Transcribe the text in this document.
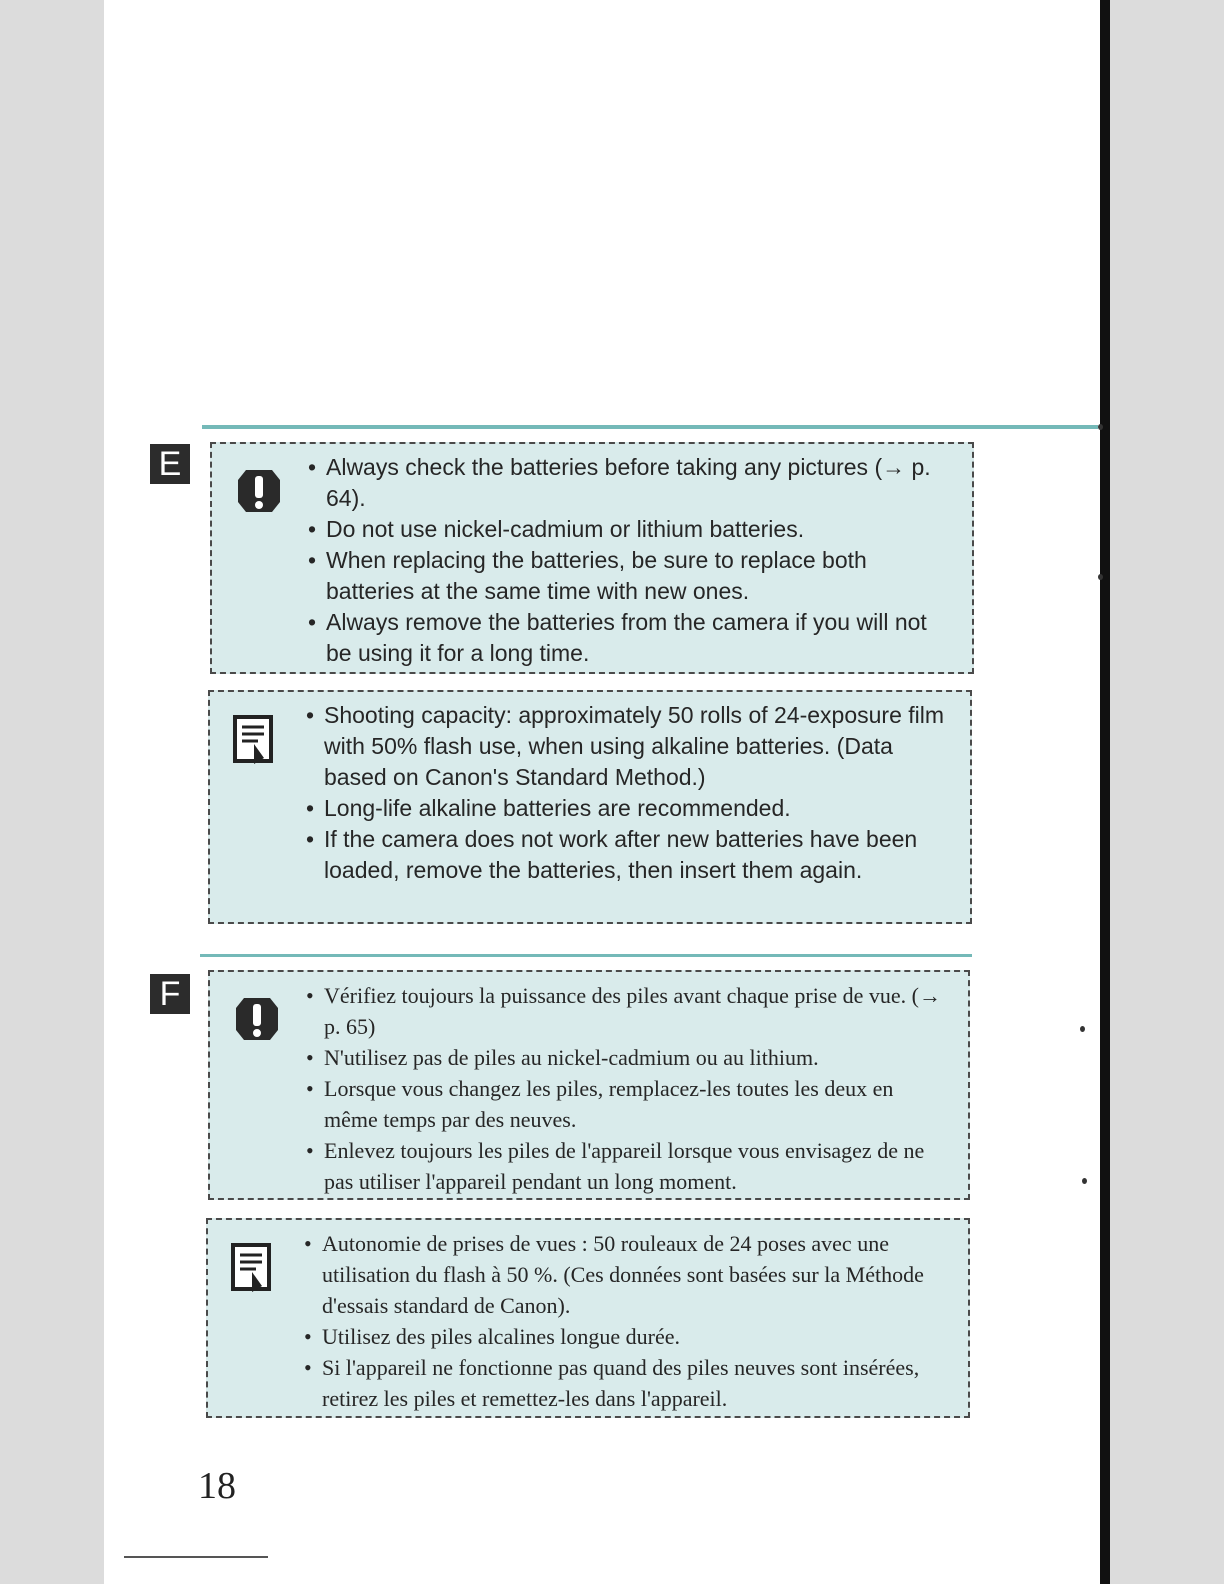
E	• Always check the batteries before taking any pictures (→ p. 64).
• Do not use nickel-cadmium or lithium batteries.
• When replacing the batteries, be sure to replace both batteries at the same time with new ones.
• Always remove the batteries from the camera if you will not be using it for a long time.
• Shooting capacity: approximately 50 rolls of 24-exposure film with 50% flash use, when using alkaline batteries. (Data based on Canon's Standard Method.)
• Long-life alkaline batteries are recommended.
• If the camera does not work after new batteries have been loaded, remove the batteries, then insert them again.
F	• Vérifiez toujours la puissance des piles avant chaque prise de vue. (→ p. 65)
• N'utilisez pas de piles au nickel-cadmium ou au lithium.
• Lorsque vous changez les piles, remplacez-les toutes les deux en même temps par des neuves.
• Enlevez toujours les piles de l'appareil lorsque vous envisagez de ne pas utiliser l'appareil pendant un long moment.
• Autonomie de prises de vues : 50 rouleaux de 24 poses avec une utilisation du flash à 50 %. (Ces données sont basées sur la Méthode d'essais standard de Canon).
• Utilisez des piles alcalines longue durée.
• Si l'appareil ne fonctionne pas quand des piles neuves sont insérées, retirez les piles et remettez-les dans l'appareil.
18
